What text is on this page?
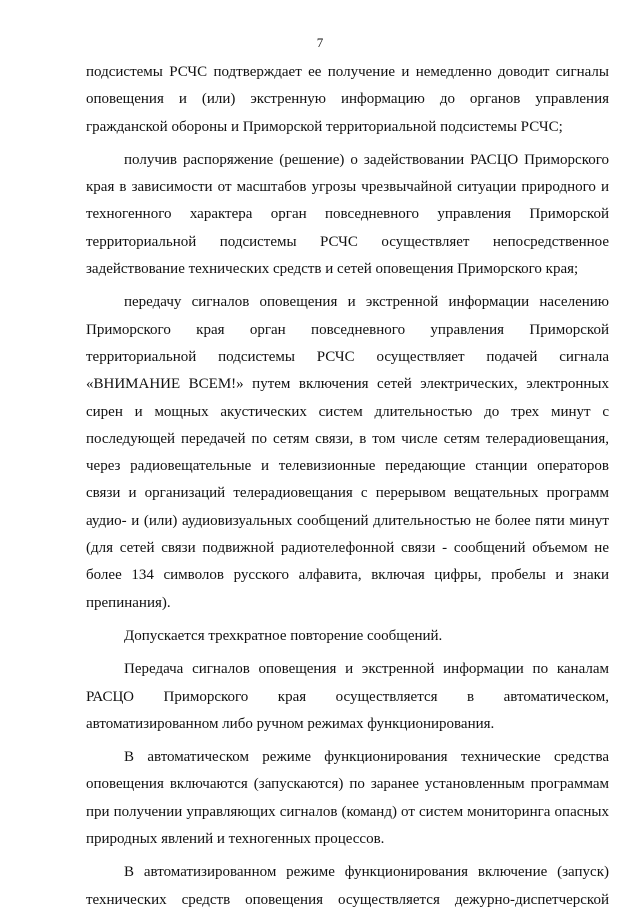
7

подсистемы РСЧС подтверждает ее получение и немедленно доводит сигналы оповещения и (или) экстренную информацию до органов управления гражданской обороны и Приморской территориальной подсистемы РСЧС;

получив распоряжение (решение) о задействовании РАСЦО Приморского края в зависимости от масштабов угрозы чрезвычайной ситуации природного и техногенного характера орган повседневного управления Приморской территориальной подсистемы РСЧС осуществляет непосредственное задействование технических средств и сетей оповещения Приморского края;

передачу сигналов оповещения и экстренной информации населению Приморского края орган повседневного управления Приморской территориальной подсистемы РСЧС осуществляет подачей сигнала «ВНИМАНИЕ ВСЕМ!» путем включения сетей электрических, электронных сирен и мощных акустических систем длительностью до трех минут с последующей передачей по сетям связи, в том числе сетям телерадиовещания, через радиовещательные и телевизионные передающие станции операторов связи и организаций телерадиовещания с перерывом вещательных программ аудио- и (или) аудиовизуальных сообщений длительностью не более пяти минут (для сетей связи подвижной радиотелефонной связи - сообщений объемом не более 134 символов русского алфавита, включая цифры, пробелы и знаки препинания).

Допускается трехкратное повторение сообщений.

Передача сигналов оповещения и экстренной информации по каналам РАСЦО Приморского края осуществляется в автоматическом, автоматизированном либо ручном режимах функционирования.

В автоматическом режиме функционирования технические средства оповещения включаются (запускаются) по заранее установленным программам при получении управляющих сигналов (команд) от систем мониторинга опасных природных явлений и техногенных процессов.

В автоматизированном режиме функционирования включение (запуск) технических средств оповещения осуществляется дежурно-диспетчерской
